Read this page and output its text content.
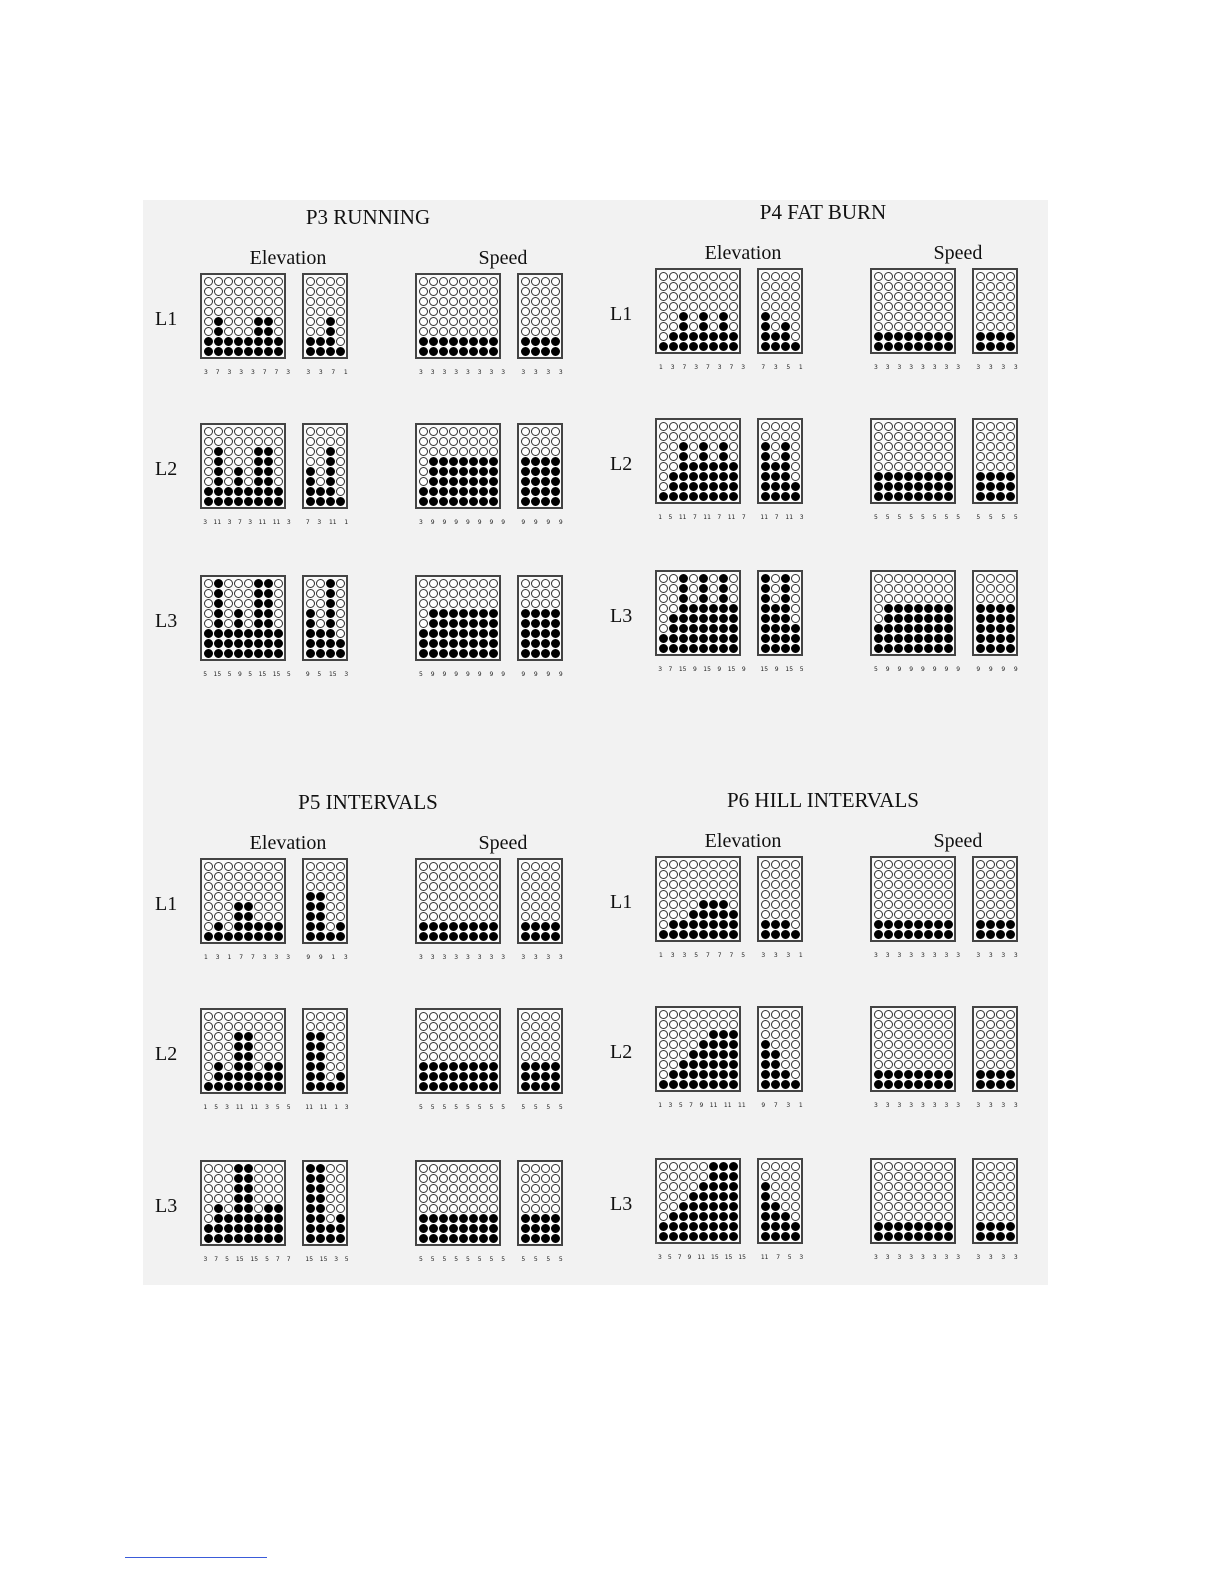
P3 RUNNING
Elevation	Speed
L1
3 7 3 3 3 7 7 3	3 3 7 1	3 3 3 3 3 3 3 3	3 3 3 3
L2
3 11 3 7 3 11 11 3	7 3 11 1	3 9 9 9 9 9 9 9	9 9 9 9
L3
5 15 5 9 5 15 15 5	9 5 15 3	5 9 9 9 9 9 9 9	9 9 9 9
P4 FAT BURN
Elevation	Speed
L1
1 3 7 3 7 3 7 3	7 3 5 1	3 3 3 3 3 3 3 3	3 3 3 3
L2
1 5 11 7 11 7 11 7 11 7 11 3	5 5 5 5 5 5 5 5	5 5 5 5
L3
3 7 15 9 15 9 15 9 15 9 15 5	5 9 9 9 9 9 9 9	9 9 9 9
P5 INTERVALS
Elevation	Speed
L1
1 3 1 7 7 3 3 3	9 9 1 3	3 3 3 3 3 3 3 3	3 3 3 3
L2
1 5 3 11 11 3 5 5 11 11 1 3	5 5 5 5 5 5 5 5	5 5 5 5
L3
3 7 5 15 15 5 7 7 15 15 3 5	5 5 5 5 5 5 5 5	5 5 5 5
P6 HILL INTERVALS
Elevation	Speed
L1
1 3 3 5 7 7 7 5	3 3 3 1	3 3 3 3 3 3 3 3	3 3 3 3
L2
1 3 5 7 9 11 11 11	9 7 3 1	3 3 3 3 3 3 3 3	3 3 3 3
L3
3 5 7 9 11 15 15 15 11 7 5 3	3 3 3 3 3 3 3 3	3 3 3 3
